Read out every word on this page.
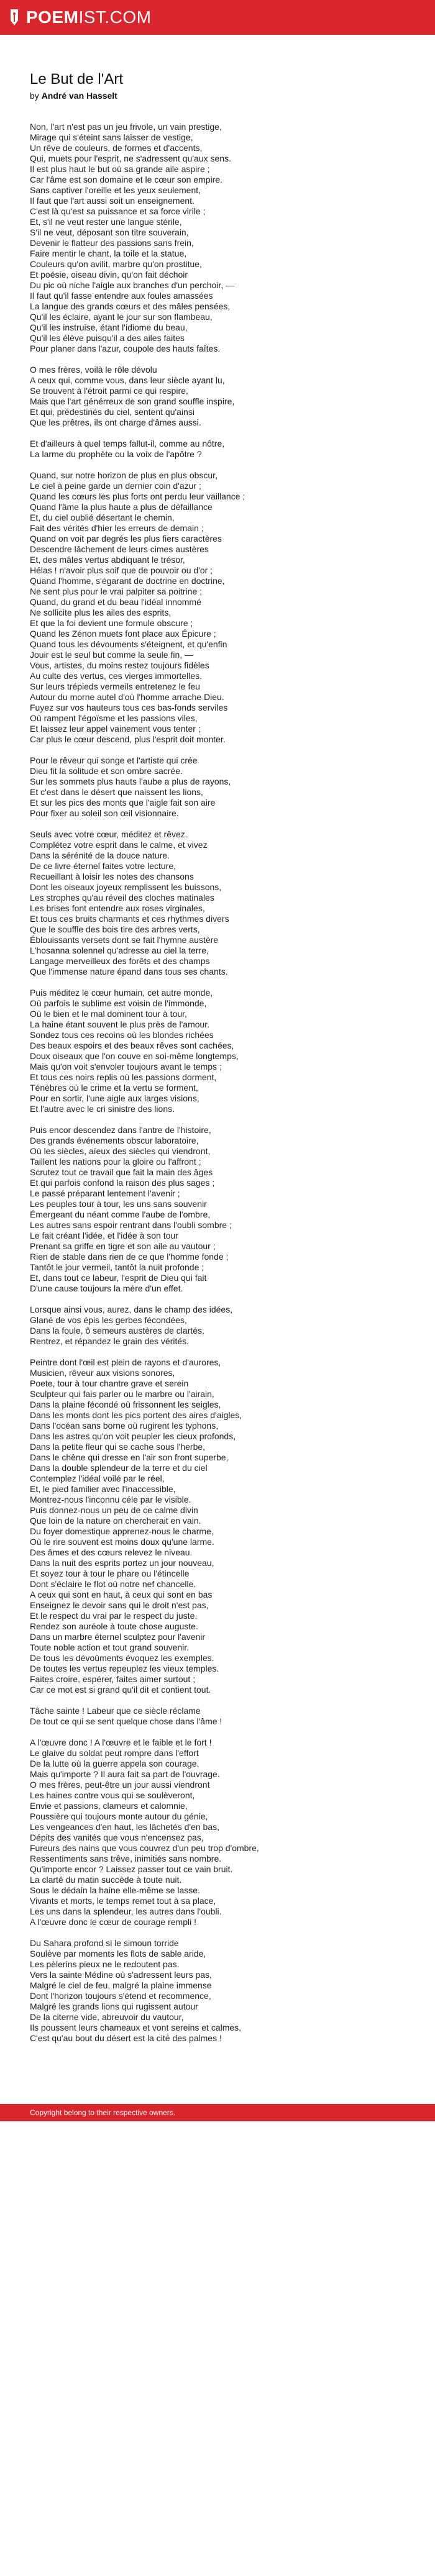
POEMIST.COM
Le But de l'Art

by André van Hasselt

Non, l'art n'est pas un jeu frivole, un vain prestige,
Mirage qui s'éteint sans laisser de vestige,
Un rêve de couleurs, de formes et d'accents,
Qui, muets pour l'esprit, ne s'adressent qu'aux sens.
Il est plus haut le but où sa grande aile aspire ;
Car l'âme est son domaine et le cœur son empire.
Sans captiver l'oreille et les yeux seulement,
Il faut que l'art aussi soit un enseignement.
C'est là qu'est sa puissance et sa force virile ;
Et, s'il ne veut rester une langue stérile,
S'il ne veut, déposant son titre souverain,
Devenir le flatteur des passions sans frein,
Faire mentir le chant, la toile et la statue,
Couleurs qu'on avilit, marbre qu'on prostitue,
Et poésie, oiseau divin, qu'on fait déchoir
Du pic où niche l'aigle aux branches d'un perchoir, —
Il faut qu'il fasse entendre aux foules amassées
La langue des grands cœurs et des mâles pensées,
Qu'il les éclaire, ayant le jour sur son flambeau,
Qu'il les instruise, étant l'idiome du beau,
Qu'il les élève puisqu'il a des ailes faites
Pour planer dans l'azur, coupole des hauts faîtes.
O mes frères, voilà le rôle dévolu
A ceux qui, comme vous, dans leur siècle ayant lu,
Se trouvent à l'étroit parmi ce qui respire,
Mais que l'art générreux de son grand souffle inspire,
Et qui, prédestinés du ciel, sentent qu'ainsi
Que les prêtres, ils ont charge d'âmes aussi.
Et d'ailleurs à quel temps fallut-il, comme au nôtre,
La larme du prophète ou la voix de l'apôtre ?
Quand, sur notre horizon de plus en plus obscur,
Le ciel à peine garde un dernier coin d'azur ;
Quand les cœurs les plus forts ont perdu leur vaillance ;
Quand l'âme la plus haute a plus de défaillance
Et, du ciel oublié désertant le chemin,
Fait des vérités d'hier les erreurs de demain ;
Quand on voit par degrés les plus fiers caractères
Descendre lâchement de leurs cimes austères
Et, des mâles vertus abdiquant le trésor,
Hélas ! n'avoir plus soif que de pouvoir ou d'or ;
Quand l'homme, s'égarant de doctrine en doctrine,
Ne sent plus pour le vrai palpiter sa poitrine ;
Quand, du grand et du beau l'idéal innommé
Ne sollicite plus les ailes des esprits,
Et que la foi devient une formule obscure ;
Quand les Zénon muets font place aux Épicure ;
Quand tous les dévouments s'éteignent, et qu'enfin
Jouir est le seul but comme la seule fin, —
Vous, artistes, du moins restez toujours fidèles
Au culte des vertus, ces vierges immortelles.
Sur leurs trépieds vermeils entretenez le feu
Autour du morne autel d'où l'homme arrache Dieu.
Fuyez sur vos hauteurs tous ces bas-fonds serviles
Où rampent l'égoïsme et les passions viles,
Et laissez leur appel vainement vous tenter ;
Car plus le cœur descend, plus l'esprit doit monter.
Pour le rêveur qui songe et l'artiste qui crée
Dieu fit la solitude et son ombre sacrée.
Sur les sommets plus hauts l'aube a plus de rayons,
Et c'est dans le désert que naissent les lions,
Et sur les pics des monts que l'aigle fait son aire
Pour fixer au soleil son œil visionnaire.
Seuls avec votre cœur, méditez et rêvez.
Complétez votre esprit dans le calme, et vivez
Dans la sérénité de la douce nature.
De ce livre éternel faites votre lecture,
Recueillant à loisir les notes des chansons
Dont les oiseaux joyeux remplissent les buissons,
Les strophes qu'au réveil des cloches matinales
Les brises font entendre aux roses virginales,
Et tous ces bruits charmants et ces rhythmes divers
Que le souffle des bois tire des arbres verts,
Éblouissants versets dont se fait l'hymne austère
L'hosanna solennel qu'adresse au ciel la terre,
Langage merveilleux des forêts et des champs
Que l'immense nature épand dans tous ses chants.
Puis méditez le cœur humain, cet autre monde,
Où parfois le sublime est voisin de l'immonde,
Où le bien et le mal dominent tour à tour,
La haine étant souvent le plus près de l'amour.
Sondez tous ces recoins où les blondes richées
Des beaux espoirs et des beaux rêves sont cachées,
Doux oiseaux que l'on couve en soi-même longtemps,
Mais qu'on voit s'envoler toujours avant le temps ;
Et tous ces noirs replis où les passions dorment,
Ténèbres où le crime et la vertu se forment,
Pour en sortir, l'une aigle aux larges visions,
Et l'autre avec le cri sinistre des lions.
Puis encor descendez dans l'antre de l'histoire,
Des grands événements obscur laboratoire,
Où les siècles, aïeux des siècles qui viendront,
Taillent les nations pour la gloire ou l'affront ;
Scrutez tout ce travail que fait la main des âges
Et qui parfois confond la raison des plus sages ;
Le passé préparant lentement l'avenir ;
Les peuples tour à tour, les uns sans souvenir
Émergeant du néant comme l'aube de l'ombre,
Les autres sans espoir rentrant dans l'oubli sombre ;
Le fait créant l'idée, et l'idée à son tour
Prenant sa griffe en tigre et son aile au vautour ;
Rien de stable dans rien de ce que l'homme fonde ;
Tantôt le jour vermeil, tantôt la nuit profonde ;
Et, dans tout ce labeur, l'esprit de Dieu qui fait
D'une cause toujours la mère d'un effet.
Lorsque ainsi vous, aurez, dans le champ des idées,
Glané de vos épis les gerbes fécondées,
Dans la foule, ô semeurs austères de clartés,
Rentrez, et répandez le grain des vérités.
Peintre dont l'œil est plein de rayons et d'aurores,
Musicien, rêveur aux visions sonores,
Poete, tour à tour chantre grave et serein
Sculpteur qui fais parler ou le marbre ou l'airain,
Dans la plaine fécondé où frissonnent les seigles,
Dans les monts dont les pics portent des aires d'aigles,
Dans l'océan sans borne où rugirent les typhons,
Dans les astres qu'on voit peupler les cieux profonds,
Dans la petite fleur qui se cache sous l'herbe,
Dans le chêne qui dresse en l'air son front superbe,
Dans la double splendeur de la terre et du ciel
Contemplez l'idéal voilé par le réel,
Et, le pied familier avec l'inaccessible,
Montrez-nous l'inconnu céle par le visible.
Puis donnez-nous un peu de ce calme divin
Que loin de la nature on chercherait en vain.
Du foyer domestique apprenez-nous le charme,
Où le rire souvent est moins doux qu'une larme.
Des âmes et des cœurs relevez le niveau.
Dans la nuit des esprits portez un jour nouveau,
Et soyez tour à tour le phare ou l'étincelle
Dont s'éclaire le flot où notre nef chancelle.
A ceux qui sont en haut, à ceux qui sont en bas
Enseignez le devoir sans qui le droit n'est pas,
Et le respect du vrai par le respect du juste.
Rendez son auréole à toute chose auguste.
Dans un marbre éternel sculptez pour l'avenir
Toute noble action et tout grand souvenir.
De tous les dévoûments évoquez les exemples.
De toutes les vertus repeuplez les vieux temples.
Faites croire, espérer, faites aimer surtout ;
Car ce mot est si grand qu'il dit et contient tout.
Tâche sainte ! Labeur que ce siècle réclame
De tout ce qui se sent quelque chose dans l'âme !
A l'œuvre donc ! A l'œuvre et le faible et le fort !
Le glaive du soldat peut rompre dans l'effort
De la lutte où la guerre appela son courage.
Mais qu'importe ? Il aura fait sa part de l'ouvrage.
O mes frères, peut-être un jour aussi viendront
Les haines contre vous qui se soulèveront,
Envie et passions, clameurs et calomnie,
Poussière qui toujours monte autour du génie,
Les vengeances d'en haut, les lâchetés d'en bas,
Dépits des vanités que vous n'encensez pas,
Fureurs des nains que vous couvrez d'un peu trop d'ombre,
Ressentiments sans trêve, inimitiés sans nombre.
Qu'importe encor ? Laissez passer tout ce vain bruit.
La clarté du matin succède à toute nuit.
Sous le dédain la haine elle-même se lasse.
Vivants et morts, le temps remet tout à sa place,
Les uns dans la splendeur, les autres dans l'oubli.
A l'œuvre donc le cœur de courage rempli !
Du Sahara profond si le simoun torride
Soulève par moments les flots de sable aride,
Les pèlerins pieux ne le redoutent pas.
Vers la sainte Médine où s'adressent leurs pas,
Malgré le ciel de feu, malgré la plaine immense
Dont l'horizon toujours s'étend et recommence,
Malgré les grands lions qui rugissent autour
De la citerne vide, abreuvoir du vautour,
Ils poussent leurs chameaux et vont sereins et calmes,
C'est qu'au bout du désert est la cité des palmes !
Copyright belong to their respective owners.
